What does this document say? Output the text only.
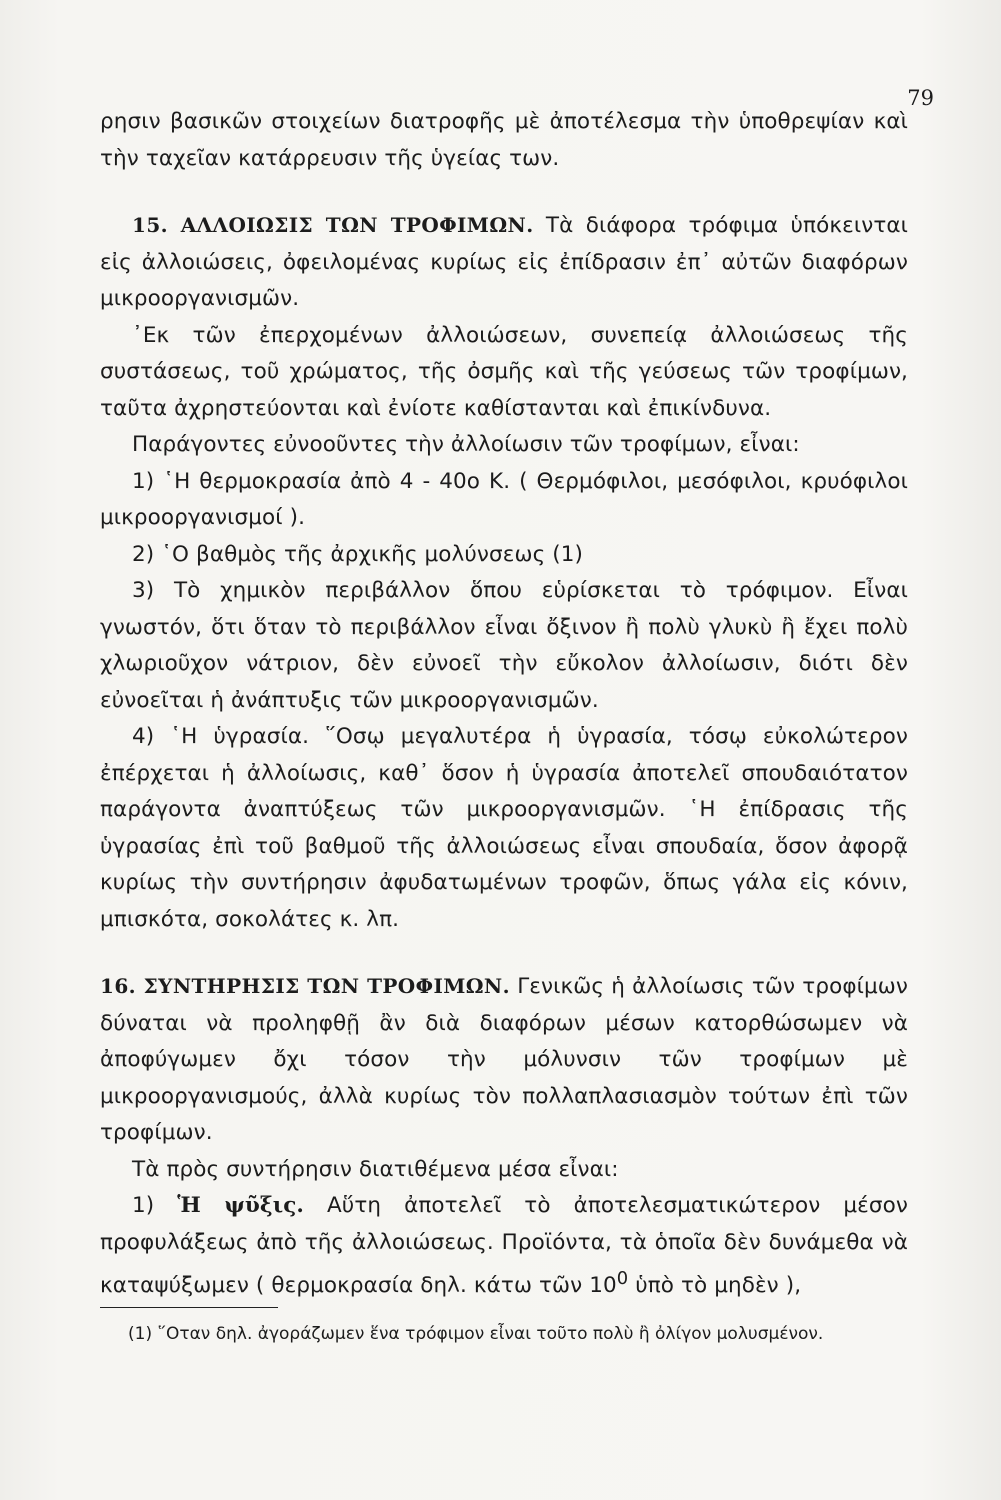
79

ρησιν βασικῶν στοιχείων διατροφῆς μὲ ἀποτέλεσμα τὴν ὑποθρεψίαν καὶ τὴν ταχεῖαν κατάρρευσιν τῆς ὑγείας των.

15. ΑΛΛΟΙΩΣΙΣ ΤΩΝ ΤΡΟΦΙΜΩΝ. Τὰ διάφορα τρόφιμα ὑπόκεινται εἰς ἀλλοιώσεις, ὀφειλομένας κυρίως εἰς ἐπίδρασιν ἐπ᾽ αὐτῶν διαφόρων μικροοργανισμῶν.

᾽Εκ τῶν ἐπερχομένων ἀλλοιώσεων, συνεπείᾳ ἀλλοιώσεως τῆς συστάσεως, τοῦ χρώματος, τῆς ὀσμῆς καὶ τῆς γεύσεως τῶν τροφίμων, ταῦτα ἀχρηστεύονται καὶ ἐνίοτε καθίστανται καὶ ἐπικίνδυνα.

Παράγοντες εὐνοοῦντες τὴν ἀλλοίωσιν τῶν τροφίμων, εἶναι:

1) ῾Η θερμοκρασία ἀπὸ 4 - 40ο Κ. ( Θερμόφιλοι, μεσόφιλοι, κρυόφιλοι μικροοργανισμοί ).

2) ῾Ο βαθμὸς τῆς ἀρχικῆς μολύνσεως (1)

3) Τὸ χημικὸν περιβάλλον ὅπου εὑρίσκεται τὸ τρόφιμον. Εἶναι γνωστόν, ὅτι ὅταν τὸ περιβάλλον εἶναι ὄξινον ἢ πολὺ γλυκὺ ἢ ἔχει πολὺ χλωριοῦχον νάτριον, δὲν εὐνοεῖ τὴν εὔκολον ἀλλοίωσιν, διότι δὲν εὐνοεῖται ἡ ἀνάπτυξις τῶν μικροοργανισμῶν.

4) ῾Η ὑγρασία. ῞Οσῳ μεγαλυτέρα ἡ ὑγρασία, τόσῳ εὐκολώτερον ἐπέρχεται ἡ ἀλλοίωσις, καθ᾽ ὅσον ἡ ὑγρασία ἀποτελεῖ σπουδαιότατον παράγοντα ἀναπτύξεως τῶν μικροοργανισμῶν. ῾Η ἐπίδρασις τῆς ὑγρασίας ἐπὶ τοῦ βαθμοῦ τῆς ἀλλοιώσεως εἶναι σπουδαία, ὅσον ἀφορᾷ κυρίως τὴν συντήρησιν ἀφυδατωμένων τροφῶν, ὅπως γάλα εἰς κόνιν, μπισκότα, σοκολάτες κ. λπ.

16. ΣΥΝΤΗΡΗΣΙΣ ΤΩΝ ΤΡΟΦΙΜΩΝ. Γενικῶς ἡ ἀλλοίωσις τῶν τροφίμων δύναται νὰ προληφθῇ ἂν διὰ διαφόρων μέσων κατορθώσωμεν νὰ ἀποφύγωμεν ὄχι τόσον τὴν μόλυνσιν τῶν τροφίμων μὲ μικροοργανισμούς, ἀλλὰ κυρίως τὸν πολλαπλασιασμὸν τούτων ἐπὶ τῶν τροφίμων.

Τὰ πρὸς συντήρησιν διατιθέμενα μέσα εἶναι:

1) Ἡ ψῦξις. Αὕτη ἀποτελεῖ τὸ ἀποτελεσματικώτερον μέσον προφυλάξεως ἀπὸ τῆς ἀλλοιώσεως. Προϊόντα, τὰ ὁποῖα δὲν δυνάμεθα νὰ καταψύξωμεν ( θερμοκρασία δηλ. κάτω τῶν $10^0$ ὑπὸ τὸ μηδὲν ),

(1) ῞Οταν δηλ. ἀγοράζωμεν ἕνα τρόφιμον εἶναι τοῦτο πολὺ ἢ ὀλίγον μολυσμένον.
